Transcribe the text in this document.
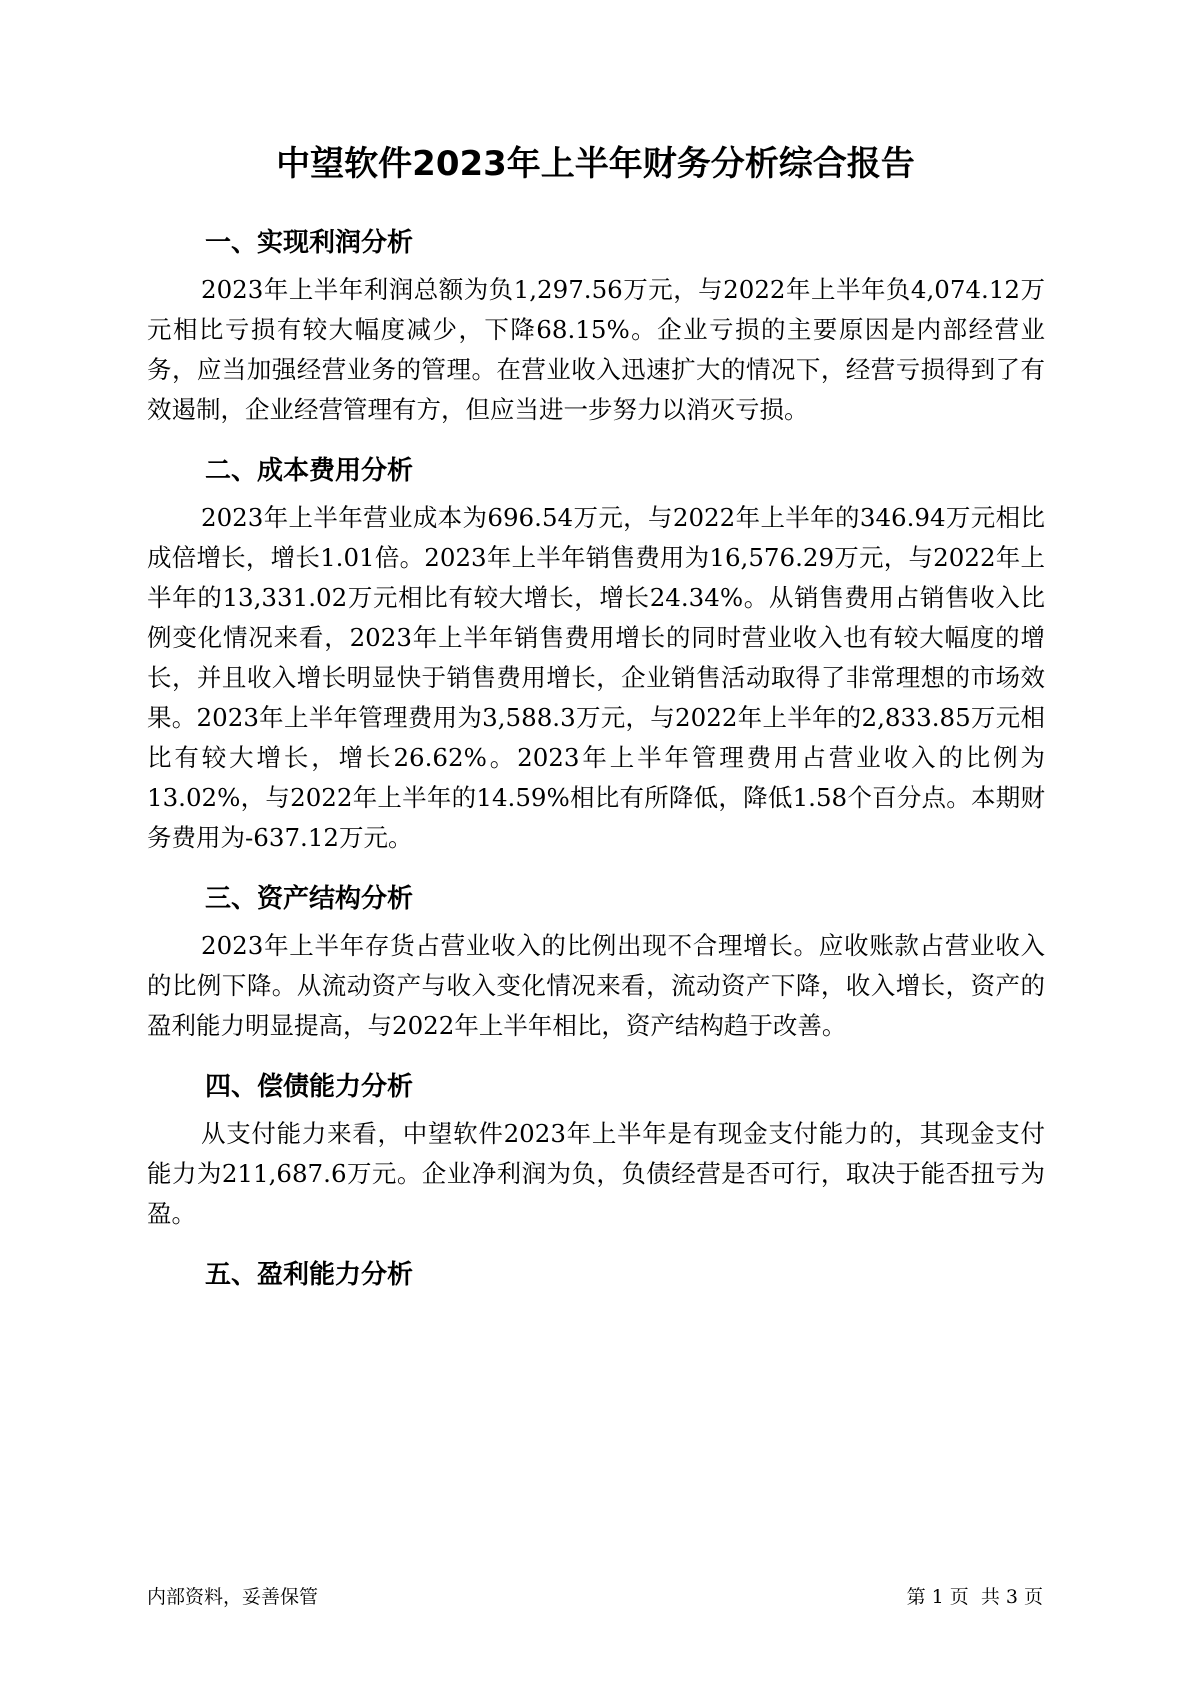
中望软件2023年上半年财务分析综合报告
一、实现利润分析

2023年上半年利润总额为负1,297.56万元，与2022年上半年负4,074.12万元相比亏损有较大幅度减少，下降68.15%。企业亏损的主要原因是内部经营业务，应当加强经营业务的管理。在营业收入迅速扩大的情况下，经营亏损得到了有效遏制，企业经营管理有方，但应当进一步努力以消灭亏损。

二、成本费用分析

2023年上半年营业成本为696.54万元，与2022年上半年的346.94万元相比成倍增长，增长1.01倍。2023年上半年销售费用为16,576.29万元，与2022年上半年的13,331.02万元相比有较大增长，增长24.34%。从销售费用占销售收入比例变化情况来看，2023年上半年销售费用增长的同时营业收入也有较大幅度的增长，并且收入增长明显快于销售费用增长，企业销售活动取得了非常理想的市场效果。2023年上半年管理费用为3,588.3万元，与2022年上半年的2,833.85万元相比有较大增长，增长26.62%。2023年上半年管理费用占营业收入的比例为13.02%，与2022年上半年的14.59%相比有所降低，降低1.58个百分点。本期财务费用为-637.12万元。

三、资产结构分析

2023年上半年存货占营业收入的比例出现不合理增长。应收账款占营业收入的比例下降。从流动资产与收入变化情况来看，流动资产下降，收入增长，资产的盈利能力明显提高，与2022年上半年相比，资产结构趋于改善。

四、偿债能力分析

从支付能力来看，中望软件2023年上半年是有现金支付能力的，其现金支付能力为211,687.6万元。企业净利润为负，负债经营是否可行，取决于能否扭亏为盈。

五、盈利能力分析
内部资料，妥善保管	第 1 页  共 3 页
